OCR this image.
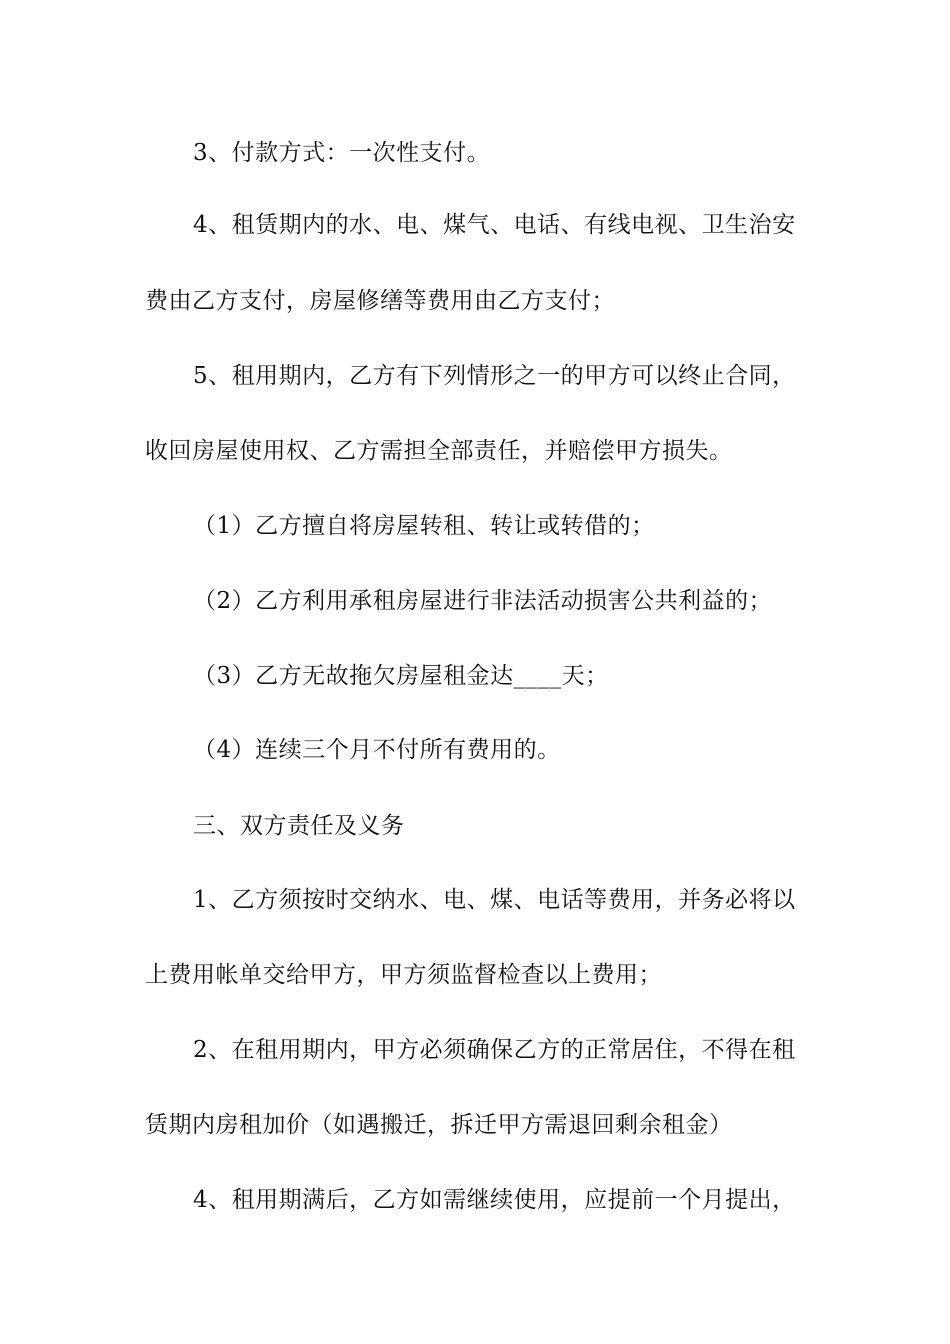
3、付款方式：一次性支付。
4、租赁期内的水、电、煤气、电话、有线电视、卫生治安
费由乙方支付，房屋修缮等费用由乙方支付；
5、租用期内，乙方有下列情形之一的甲方可以终止合同，
收回房屋使用权、乙方需担全部责任，并赔偿甲方损失。
（1）乙方擅自将房屋转租、转让或转借的；
（2）乙方利用承租房屋进行非法活动损害公共利益的；
（3）乙方无故拖欠房屋租金达____天；
（4）连续三个月不付所有费用的。
三、双方责任及义务
1、乙方须按时交纳水、电、煤、电话等费用，并务必将以
上费用帐单交给甲方，甲方须监督检查以上费用；
2、在租用期内，甲方必须确保乙方的正常居住，不得在租
赁期内房租加价（如遇搬迁，拆迁甲方需退回剩余租金）
4、租用期满后，乙方如需继续使用，应提前一个月提出，
